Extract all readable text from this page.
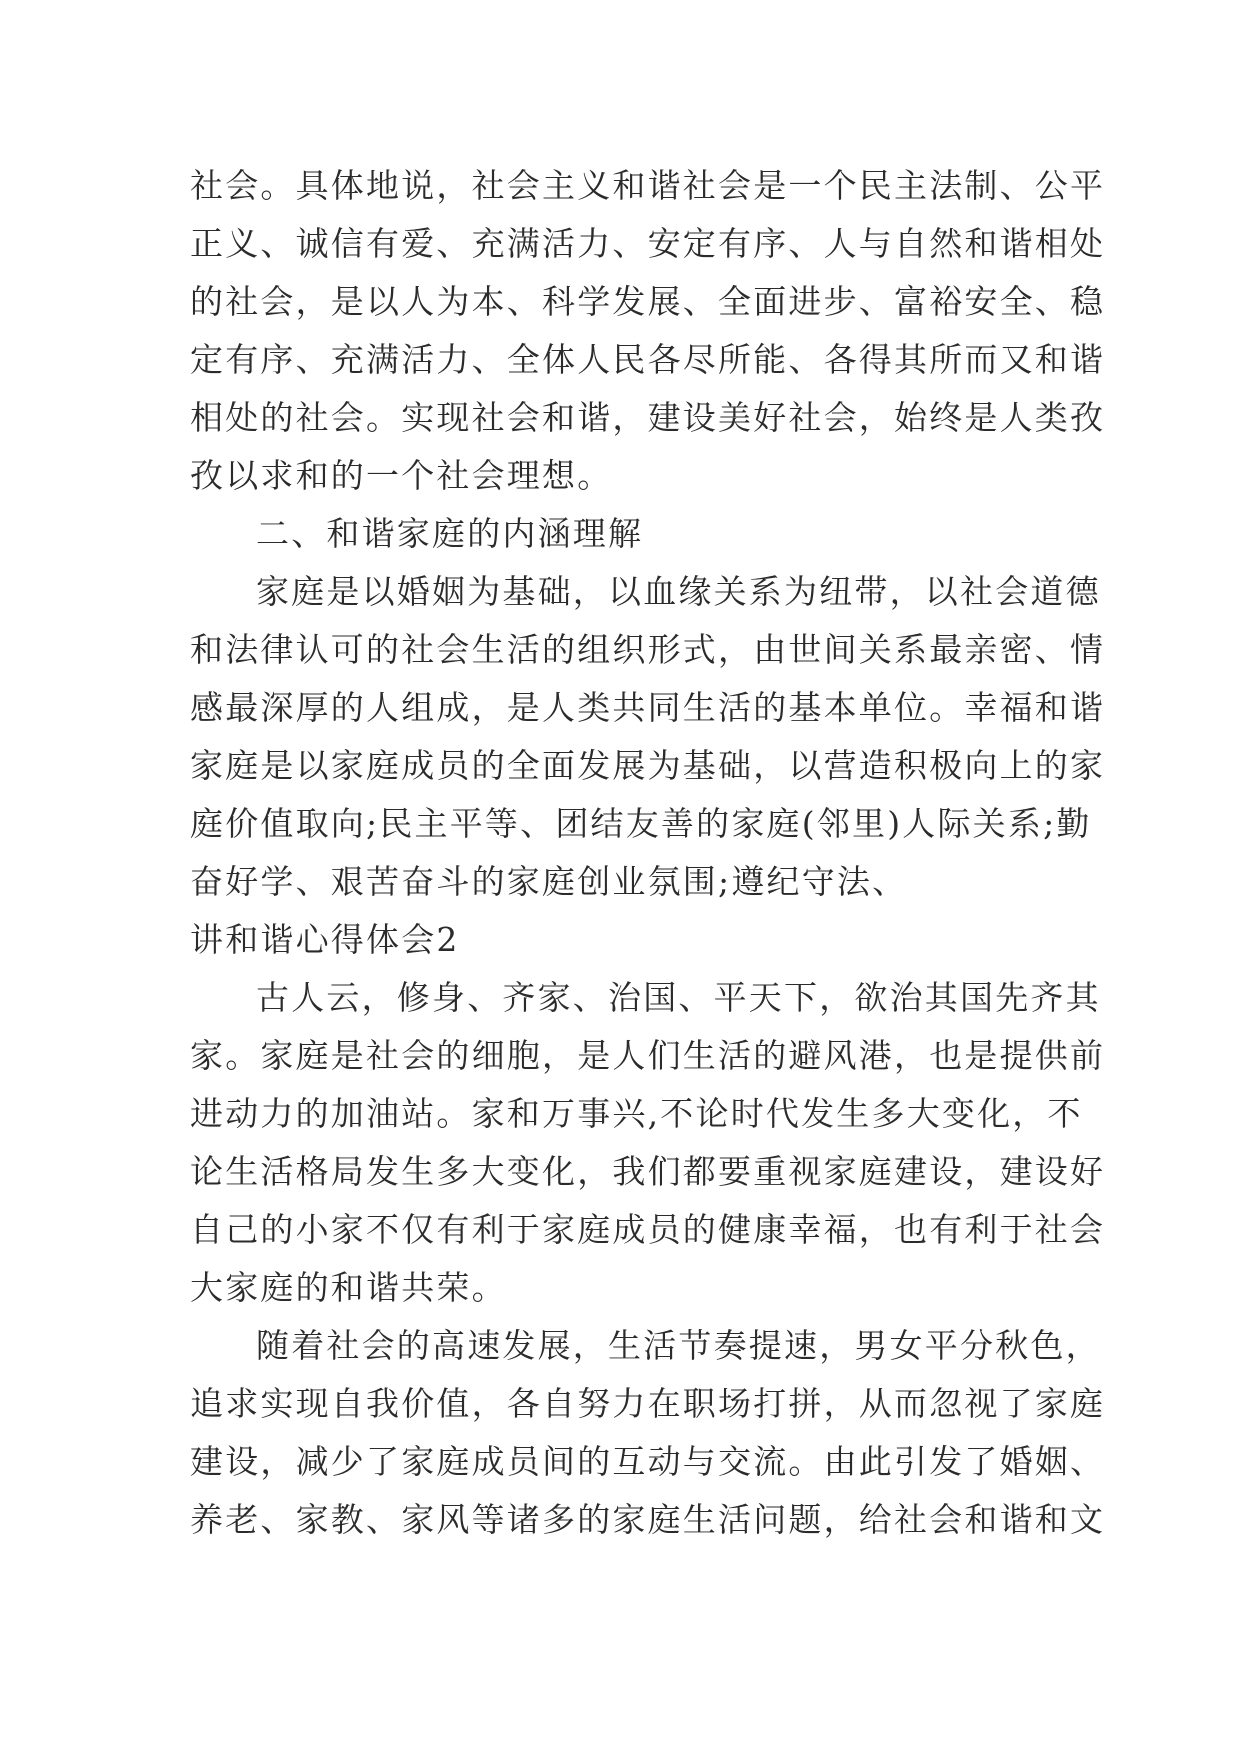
社会。具体地说，社会主义和谐社会是一个民主法制、公平
正义、诚信有爱、充满活力、安定有序、人与自然和谐相处
的社会，是以人为本、科学发展、全面进步、富裕安全、稳
定有序、充满活力、全体人民各尽所能、各得其所而又和谐
相处的社会。实现社会和谐，建设美好社会，始终是人类孜
孜以求和的一个社会理想。
二、和谐家庭的内涵理解
家庭是以婚姻为基础，以血缘关系为纽带，以社会道德
和法律认可的社会生活的组织形式，由世间关系最亲密、情
感最深厚的人组成，是人类共同生活的基本单位。幸福和谐
家庭是以家庭成员的全面发展为基础，以营造积极向上的家
庭价值取向;民主平等、团结友善的家庭(邻里)人际关系;勤
奋好学、艰苦奋斗的家庭创业氛围;遵纪守法、
讲和谐心得体会2
古人云，修身、齐家、治国、平天下，欲治其国先齐其
家。家庭是社会的细胞，是人们生活的避风港，也是提供前
进动力的加油站。家和万事兴,不论时代发生多大变化，不
论生活格局发生多大变化，我们都要重视家庭建设，建设好
自己的小家不仅有利于家庭成员的健康幸福，也有利于社会
大家庭的和谐共荣。
随着社会的高速发展，生活节奏提速，男女平分秋色，
追求实现自我价值，各自努力在职场打拼，从而忽视了家庭
建设，减少了家庭成员间的互动与交流。由此引发了婚姻、
养老、家教、家风等诸多的家庭生活问题，给社会和谐和文
